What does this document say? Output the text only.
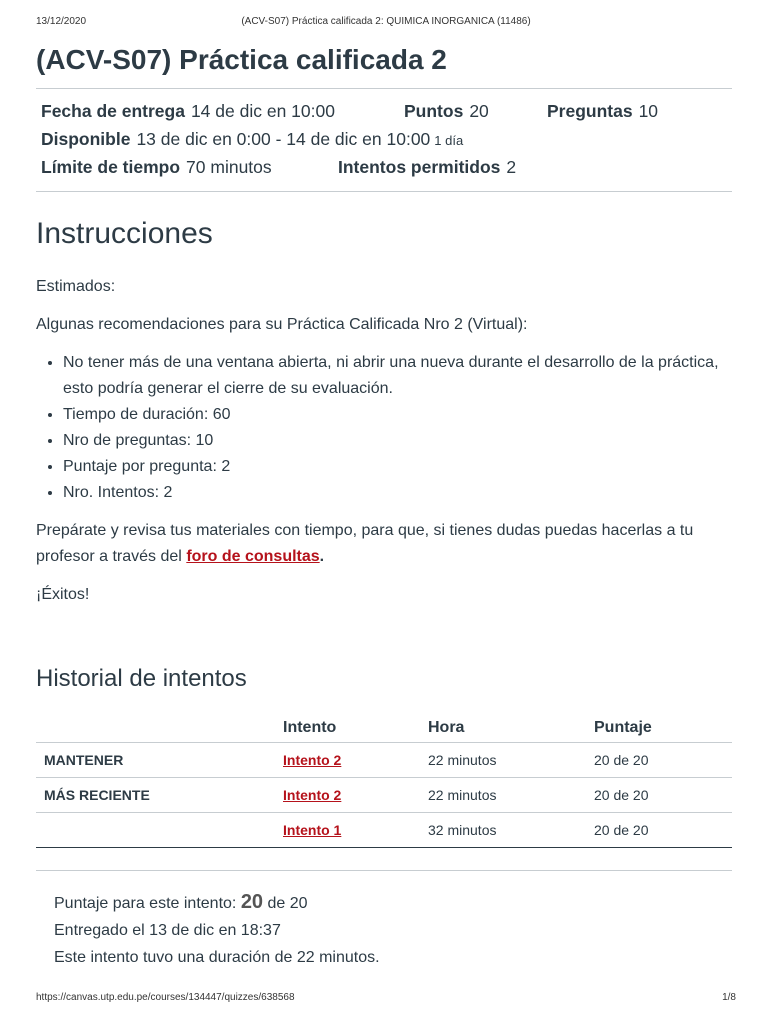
13/12/2020	(ACV-S07) Práctica calificada 2: QUIMICA INORGANICA (11486)
(ACV-S07) Práctica calificada 2
Fecha de entrega 14 de dic en 10:00	Puntos 20	Preguntas 10
Disponible 13 de dic en 0:00 - 14 de dic en 10:00 1 día
Límite de tiempo 70 minutos	Intentos permitidos 2
Instrucciones

Estimados:

Algunas recomendaciones para su Práctica Calificada Nro 2 (Virtual):

• No tener más de una ventana abierta, ni abrir una nueva durante el desarrollo de la práctica, esto podría generar el cierre de su evaluación.
• Tiempo de duración: 60
• Nro de preguntas: 10
• Puntaje por pregunta: 2
• Nro. Intentos: 2

Prepárate y revisa tus materiales con tiempo, para que, si tienes dudas puedas hacerlas a tu profesor a través del foro de consultas.

¡Éxitos!

Historial de intentos
	Intento	Hora	Puntaje
MANTENER	Intento 2	22 minutos	20 de 20
MÁS RECIENTE	Intento 2	22 minutos	20 de 20
	Intento 1	32 minutos	20 de 20
Puntaje para este intento: 20 de 20
Entregado el 13 de dic en 18:37
Este intento tuvo una duración de 22 minutos.
https://canvas.utp.edu.pe/courses/134447/quizzes/638568	1/8
